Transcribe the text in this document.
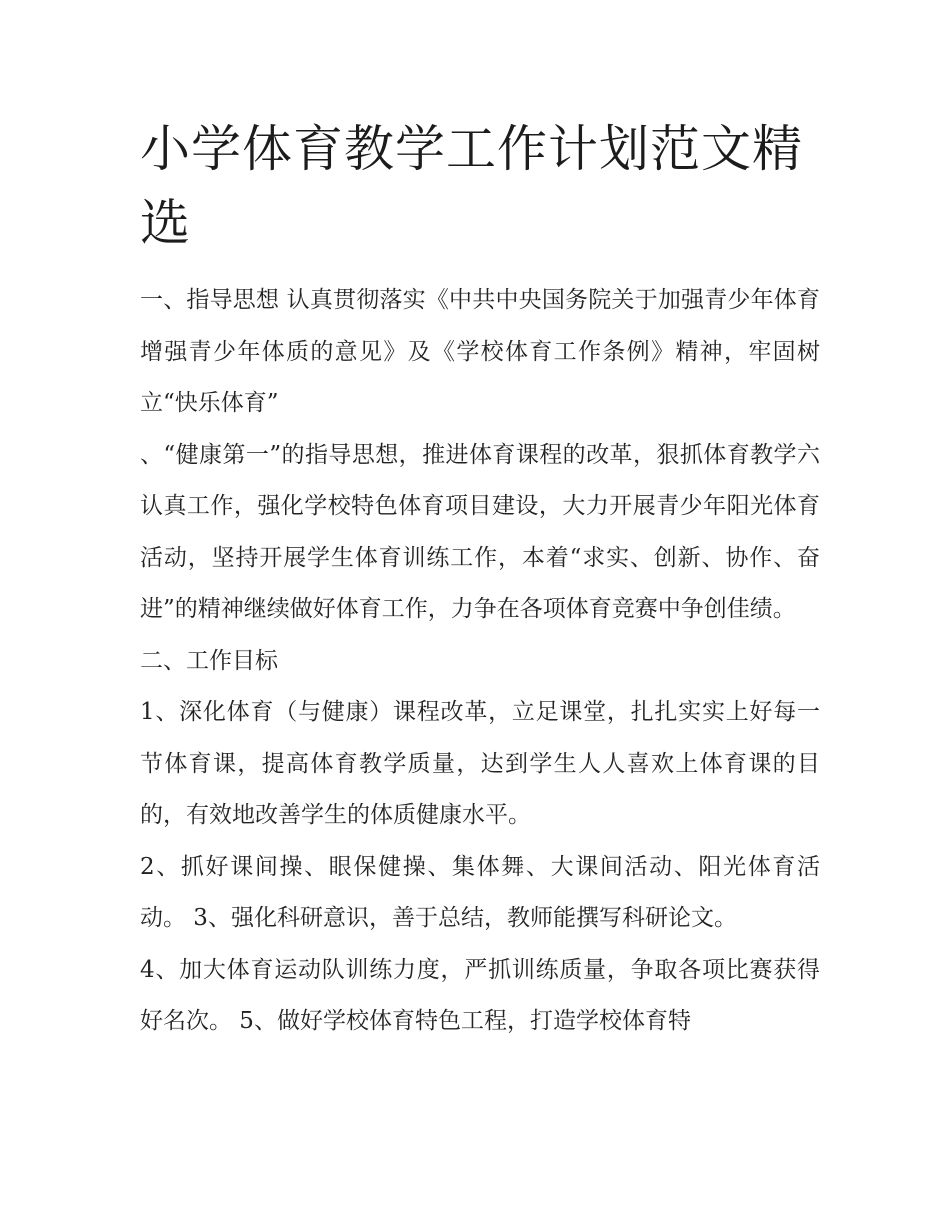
小学体育教学工作计划范文精选

一、指导思想 认真贯彻落实《中共中央国务院关于加强青少年体育增强青少年体质的意见》及《学校体育工作条例》精神，牢固树立“快乐体育”

、“健康第一”的指导思想，推进体育课程的改革，狠抓体育教学六认真工作，强化学校特色体育项目建设，大力开展青少年阳光体育活动，坚持开展学生体育训练工作，本着“求实、创新、协作、奋进”的精神继续做好体育工作，力争在各项体育竞赛中争创佳绩。

二、工作目标

1、深化体育（与健康）课程改革，立足课堂，扎扎实实上好每一节体育课，提高体育教学质量，达到学生人人喜欢上体育课的目的，有效地改善学生的体质健康水平。

2、抓好课间操、眼保健操、集体舞、大课间活动、阳光体育活动。 3、强化科研意识，善于总结，教师能撰写科研论文。

4、加大体育运动队训练力度，严抓训练质量，争取各项比赛获得好名次。 5、做好学校体育特色工程，打造学校体育特
